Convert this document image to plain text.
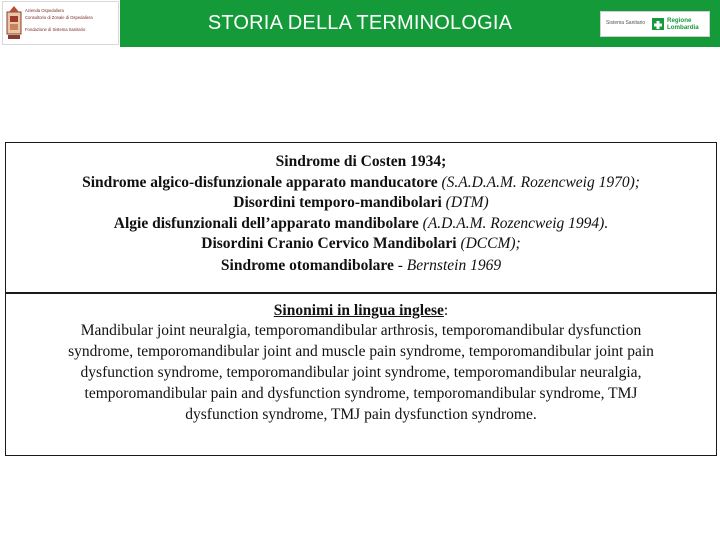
Azienda Ospedaliera
Consultorio di Zonale di Ospedaliera
Fondazione di Sistema Sanitario	STORIA DELLA TERMINOLOGIA	Sistema Sanitario	Regione
Lombardia
Sindrome di Costen 1934;
Sindrome algico-disfunzionale apparato manducatore (S.A.D.A.M. Rozencweig 1970);
Disordini temporo-mandibolari (DTM)
Algie disfunzionali dell’apparato mandibolare (A.D.A.M. Rozencweig 1994).
Disordini Cranio Cervico Mandibolari (DCCM);
Sindrome otomandibolare - Bernstein 1969
Sinonimi in lingua inglese:
Mandibular joint neuralgia, temporomandibular arthrosis, temporomandibular dysfunction
syndrome, temporomandibular joint and muscle pain syndrome, temporomandibular joint pain
dysfunction syndrome, temporomandibular joint syndrome, temporomandibular neuralgia,
temporomandibular pain and dysfunction syndrome, temporomandibular syndrome, TMJ
dysfunction syndrome, TMJ pain dysfunction syndrome.
